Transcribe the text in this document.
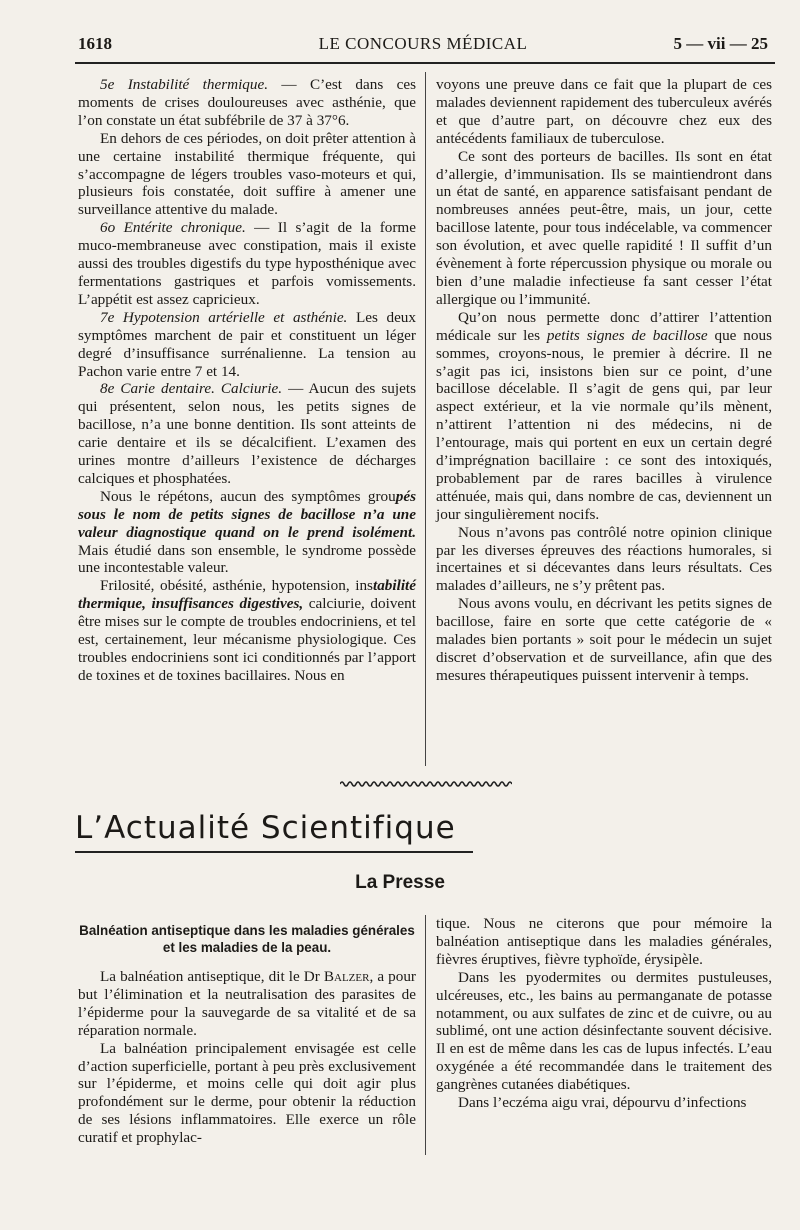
1618	LE CONCOURS MÉDICAL	5 — vii — 25

5e Instabilité thermique. — C’est dans ces moments de crises douloureuses avec asthénie, que l’on constate un état subfébrile de 37 à 37°6.

En dehors de ces périodes, on doit prêter attention à une certaine instabilité thermique fréquente, qui s’accompagne de légers troubles vaso-moteurs et qui, plusieurs fois constatée, doit suffire à amener une surveillance attentive du malade.

6o Entérite chronique. — Il s’agit de la forme muco-membraneuse avec constipation, mais il existe aussi des troubles digestifs du type hyposthénique avec fermentations gastriques et parfois vomissements. L’appétit est assez capricieux.

7e Hypotension artérielle et asthénie. Les deux symptômes marchent de pair et constituent un léger degré d’insuffisance surrénalienne. La tension au Pachon varie entre 7 et 14.

8e Carie dentaire. Calciurie. — Aucun des sujets qui présentent, selon nous, les petits signes de bacillose, n’a une bonne dentition. Ils sont atteints de carie dentaire et ils se décalcifient. L’examen des urines montre d’ailleurs l’existence de décharges calciques et phosphatées.

Nous le répétons, aucun des symptômes groupés sous le nom de petits signes de bacillose n’a une valeur diagnostique quand on le prend isolément. Mais étudié dans son ensemble, le syndrome possède une incontestable valeur.

Frilosité, obésité, asthénie, hypotension, instabilité thermique, insuffisances digestives, calciurie, doivent être mises sur le compte de troubles endocriniens, et tel est, certainement, leur mécanisme physiologique. Ces troubles endocriniens sont ici conditionnés par l’apport de toxines et de toxines bacillaires. Nous en

voyons une preuve dans ce fait que la plupart de ces malades deviennent rapidement des tuberculeux avérés et que d’autre part, on découvre chez eux des antécédents familiaux de tuberculose.

Ce sont des porteurs de bacilles. Ils sont en état d’allergie, d’immunisation. Ils se maintiendront dans un état de santé, en apparence satisfaisant pendant de nombreuses années peut-être, mais, un jour, cette bacillose latente, pour tous indécelable, va commencer son évolution, et avec quelle rapidité ! Il suffit d’un évènement à forte répercussion physique ou morale ou bien d’une maladie infectieuse fa sant cesser l’état allergique ou l’immunité.

Qu’on nous permette donc d’attirer l’attention médicale sur les petits signes de bacillose que nous sommes, croyons-nous, le premier à décrire. Il ne s’agit pas ici, insistons bien sur ce point, d’une bacillose décelable. Il s’agit de gens qui, par leur aspect extérieur, et la vie normale qu’ils mènent, n’attirent l’attention ni des médecins, ni de l’entourage, mais qui portent en eux un certain degré d’imprégnation bacillaire : ce sont des intoxiqués, probablement par de rares bacilles à virulence atténuée, mais qui, dans nombre de cas, deviennent un jour singulièrement nocifs.

Nous n’avons pas contrôlé notre opinion clinique par les diverses épreuves des réactions humorales, si incertaines et si décevantes dans leurs résultats. Ces malades d’ailleurs, ne s’y prêtent pas.

Nous avons voulu, en décrivant les petits signes de bacillose, faire en sorte que cette catégorie de « malades bien portants » soit pour le médecin un sujet discret d’observation et de surveillance, afin que des mesures thérapeutiques puissent intervenir à temps.

L’Actualité Scientifique
La Presse
Balnéation antiseptique dans les maladies générales et les maladies de la peau.

La balnéation antiseptique, dit le Dr Balzer, a pour but l’élimination et la neutralisation des parasites de l’épiderme pour la sauvegarde de sa vitalité et de sa réparation normale.

La balnéation principalement envisagée est celle d’action superficielle, portant à peu près exclusivement sur l’épiderme, et moins celle qui doit agir plus profondément sur le derme, pour obtenir la réduction de ses lésions inflammatoires. Elle exerce un rôle curatif et prophylac-

tique. Nous ne citerons que pour mémoire la balnéation antiseptique dans les maladies générales, fièvres éruptives, fièvre typhoïde, érysipèle.

Dans les pyodermites ou dermites pustuleuses, ulcéreuses, etc., les bains au permanganate de potasse notamment, ou aux sulfates de zinc et de cuivre, ou au sublimé, ont une action désinfectante souvent décisive. Il en est de même dans les cas de lupus infectés. L’eau oxygénée a été recommandée dans le traitement des gangrènes cutanées diabétiques.

Dans l’eczéma aigu vrai, dépourvu d’infections
